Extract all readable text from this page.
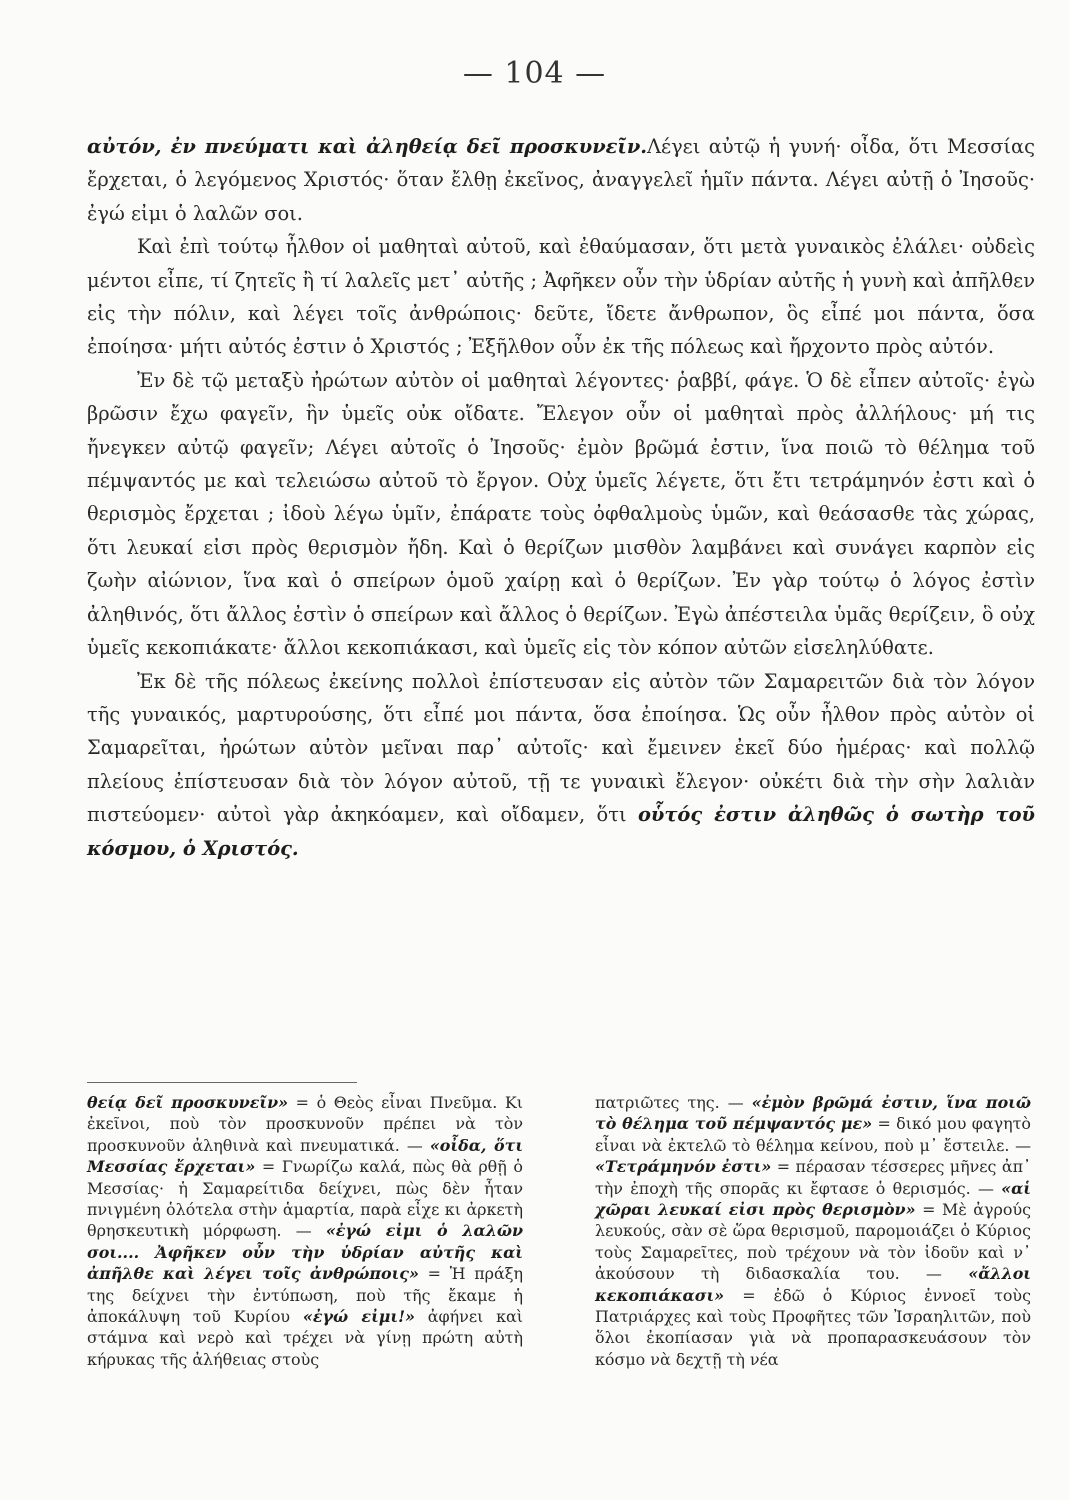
— 104 —

αὐτόν, ἐν πνεύματι καὶ ἀληθείᾳ δεῖ προσκυνεῖν.Λέγει αὐτῷ ἡ γυνή· οἶδα, ὅτι Μεσσίας ἔρχεται, ὁ λεγόμενος Χριστός· ὅταν ἔλθῃ ἐκεῖνος, ἀναγγελεῖ ἡμῖν πάντα. Λέγει αὐτῇ ὁ Ἰησοῦς· ἐγώ εἰμι ὁ λαλῶν σοι.

Καὶ ἐπὶ τούτῳ ἦλθον οἱ μαθηταὶ αὐτοῦ, καὶ ἐθαύμασαν, ὅτι μετὰ γυναικὸς ἐλάλει· οὐδεὶς μέντοι εἶπε, τί ζητεῖς ἢ τί λαλεῖς μετ᾽ αὐτῆς ; Ἀφῆκεν οὖν τὴν ὑδρίαν αὐτῆς ἡ γυνὴ καὶ ἀπῆλθεν εἰς τὴν πόλιν, καὶ λέγει τοῖς ἀνθρώποις· δεῦτε, ἴδετε ἄνθρωπον, ὃς εἶπέ μοι πάντα, ὅσα ἐποίησα· μήτι αὐτός ἐστιν ὁ Χριστός ; Ἐξῆλθον οὖν ἐκ τῆς πόλεως καὶ ἤρχοντο πρὸς αὐτόν.

Ἐν δὲ τῷ μεταξὺ ἠρώτων αὐτὸν οἱ μαθηταὶ λέγοντες· ῥαββί, φάγε. Ὁ δὲ εἶπεν αὐτοῖς· ἐγὼ βρῶσιν ἔχω φαγεῖν, ἣν ὑμεῖς οὐκ οἴδατε. Ἔλεγον οὖν οἱ μαθηταὶ πρὸς ἀλλήλους· μή τις ἤνεγκεν αὐτῷ φαγεῖν; Λέγει αὐτοῖς ὁ Ἰησοῦς· ἐμὸν βρῶμά ἐστιν, ἵνα ποιῶ τὸ θέλημα τοῦ πέμψαντός με καὶ τελειώσω αὐτοῦ τὸ ἔργον. Οὐχ ὑμεῖς λέγετε, ὅτι ἔτι τετράμηνόν ἐστι καὶ ὁ θερισμὸς ἔρχεται ; ἰδοὺ λέγω ὑμῖν, ἐπάρατε τοὺς ὀφθαλμοὺς ὑμῶν, καὶ θεάσασθε τὰς χώρας, ὅτι λευκαί εἰσι πρὸς θερισμὸν ἤδη. Καὶ ὁ θερίζων μισθὸν λαμβάνει καὶ συνάγει καρπὸν εἰς ζωὴν αἰώνιον, ἵνα καὶ ὁ σπείρων ὁμοῦ χαίρῃ καὶ ὁ θερίζων. Ἐν γὰρ τούτῳ ὁ λόγος ἐστὶν ἀληθινός, ὅτι ἄλλος ἐστὶν ὁ σπείρων καὶ ἄλλος ὁ θερίζων. Ἐγὼ ἀπέστειλα ὑμᾶς θερίζειν, ὃ οὐχ ὑμεῖς κεκοπιάκατε· ἄλλοι κεκοπιάκασι, καὶ ὑμεῖς εἰς τὸν κόπον αὐτῶν εἰσεληλύθατε.

Ἐκ δὲ τῆς πόλεως ἐκείνης πολλοὶ ἐπίστευσαν εἰς αὐτὸν τῶν Σαμαρειτῶν διὰ τὸν λόγον τῆς γυναικός, μαρτυρούσης, ὅτι εἶπέ μοι πάντα, ὅσα ἐποίησα. Ὡς οὖν ἦλθον πρὸς αὐτὸν οἱ Σαμαρεῖται, ἠρώτων αὐτὸν μεῖναι παρ᾽ αὐτοῖς· καὶ ἔμεινεν ἐκεῖ δύο ἡμέρας· καὶ πολλῷ πλείους ἐπίστευσαν διὰ τὸν λόγον αὐτοῦ, τῇ τε γυναικὶ ἔλεγον· οὐκέτι διὰ τὴν σὴν λαλιὰν πιστεύομεν· αὐτοὶ γὰρ ἀκηκόαμεν, καὶ οἴδαμεν, ὅτι οὗτός ἐστιν ἀληθῶς ὁ σωτὴρ τοῦ κόσμου, ὁ Χριστός.

θείᾳ δεῖ προσκυνεῖν» = ὁ Θεὸς εἶναι Πνεῦμα. Κι ἐκεῖνοι, ποὺ τὸν προσκυνοῦν πρέπει νὰ τὸν προσκυνοῦν ἀληθινὰ καὶ πνευματικά. — «οἶδα, ὅτι Μεσσίας ἔρχεται» = Γνωρίζω καλά, πὼς θὰ ρθῇ ὁ Μεσσίας· ἡ Σαμαρείτιδα δείχνει, πὼς δὲν ἦταν πνιγμένη ὁλότελα στὴν ἁμαρτία, παρὰ εἶχε κι ἀρκετὴ θρησκευτικὴ μόρφωση. — «ἐγώ εἰμι ὁ λαλῶν σοι.... Ἀφῆκεν οὖν τὴν ὑδρίαν αὐτῆς καὶ ἀπῆλθε καὶ λέγει τοῖς ἀνθρώποις» = Ἡ πράξη της δείχνει τὴν ἐντύπωση, ποὺ τῆς ἔκαμε ἡ ἀποκάλυψη τοῦ Κυρίου «ἐγώ εἰμι!» ἀφήνει καὶ στάμνα καὶ νερὸ καὶ τρέχει νὰ γίνῃ πρώτη αὐτὴ κήρυκας τῆς ἀλήθειας στοὺς

πατριῶτες της. — «ἐμὸν βρῶμά ἐστιν, ἵνα ποιῶ τὸ θέλημα τοῦ πέμψαντός με» = δικό μου φαγητὸ εἶναι νὰ ἐκτελῶ τὸ θέλημα κείνου, ποὺ μ᾽ ἔστειλε. — «Τετράμηνόν ἐστι» = πέρασαν τέσσερες μῆνες ἀπ᾽ τὴν ἐποχὴ τῆς σπορᾶς κι ἔφτασε ὁ θερισμός. — «αἱ χῶραι λευκαί εἰσι πρὸς θερισμὸν» = Μὲ ἀγρούς λευκούς, σὰν σὲ ὥρα θερισμοῦ, παρομοιάζει ὁ Κύριος τοὺς Σαμαρεῖτες, ποὺ τρέχουν νὰ τὸν ἰδοῦν καὶ ν᾽ ἀκούσουν τὴ διδασκαλία του. — «ἄλλοι κεκοπιάκασι» = ἐδῶ ὁ Κύριος ἐννοεῖ τοὺς Πατριάρχες καὶ τοὺς Προφῆτες τῶν Ἰσραηλιτῶν, ποὺ ὅλοι ἐκοπίασαν γιὰ νὰ προπαρασκευάσουν τὸν κόσμο νὰ δεχτῇ τὴ νέα
